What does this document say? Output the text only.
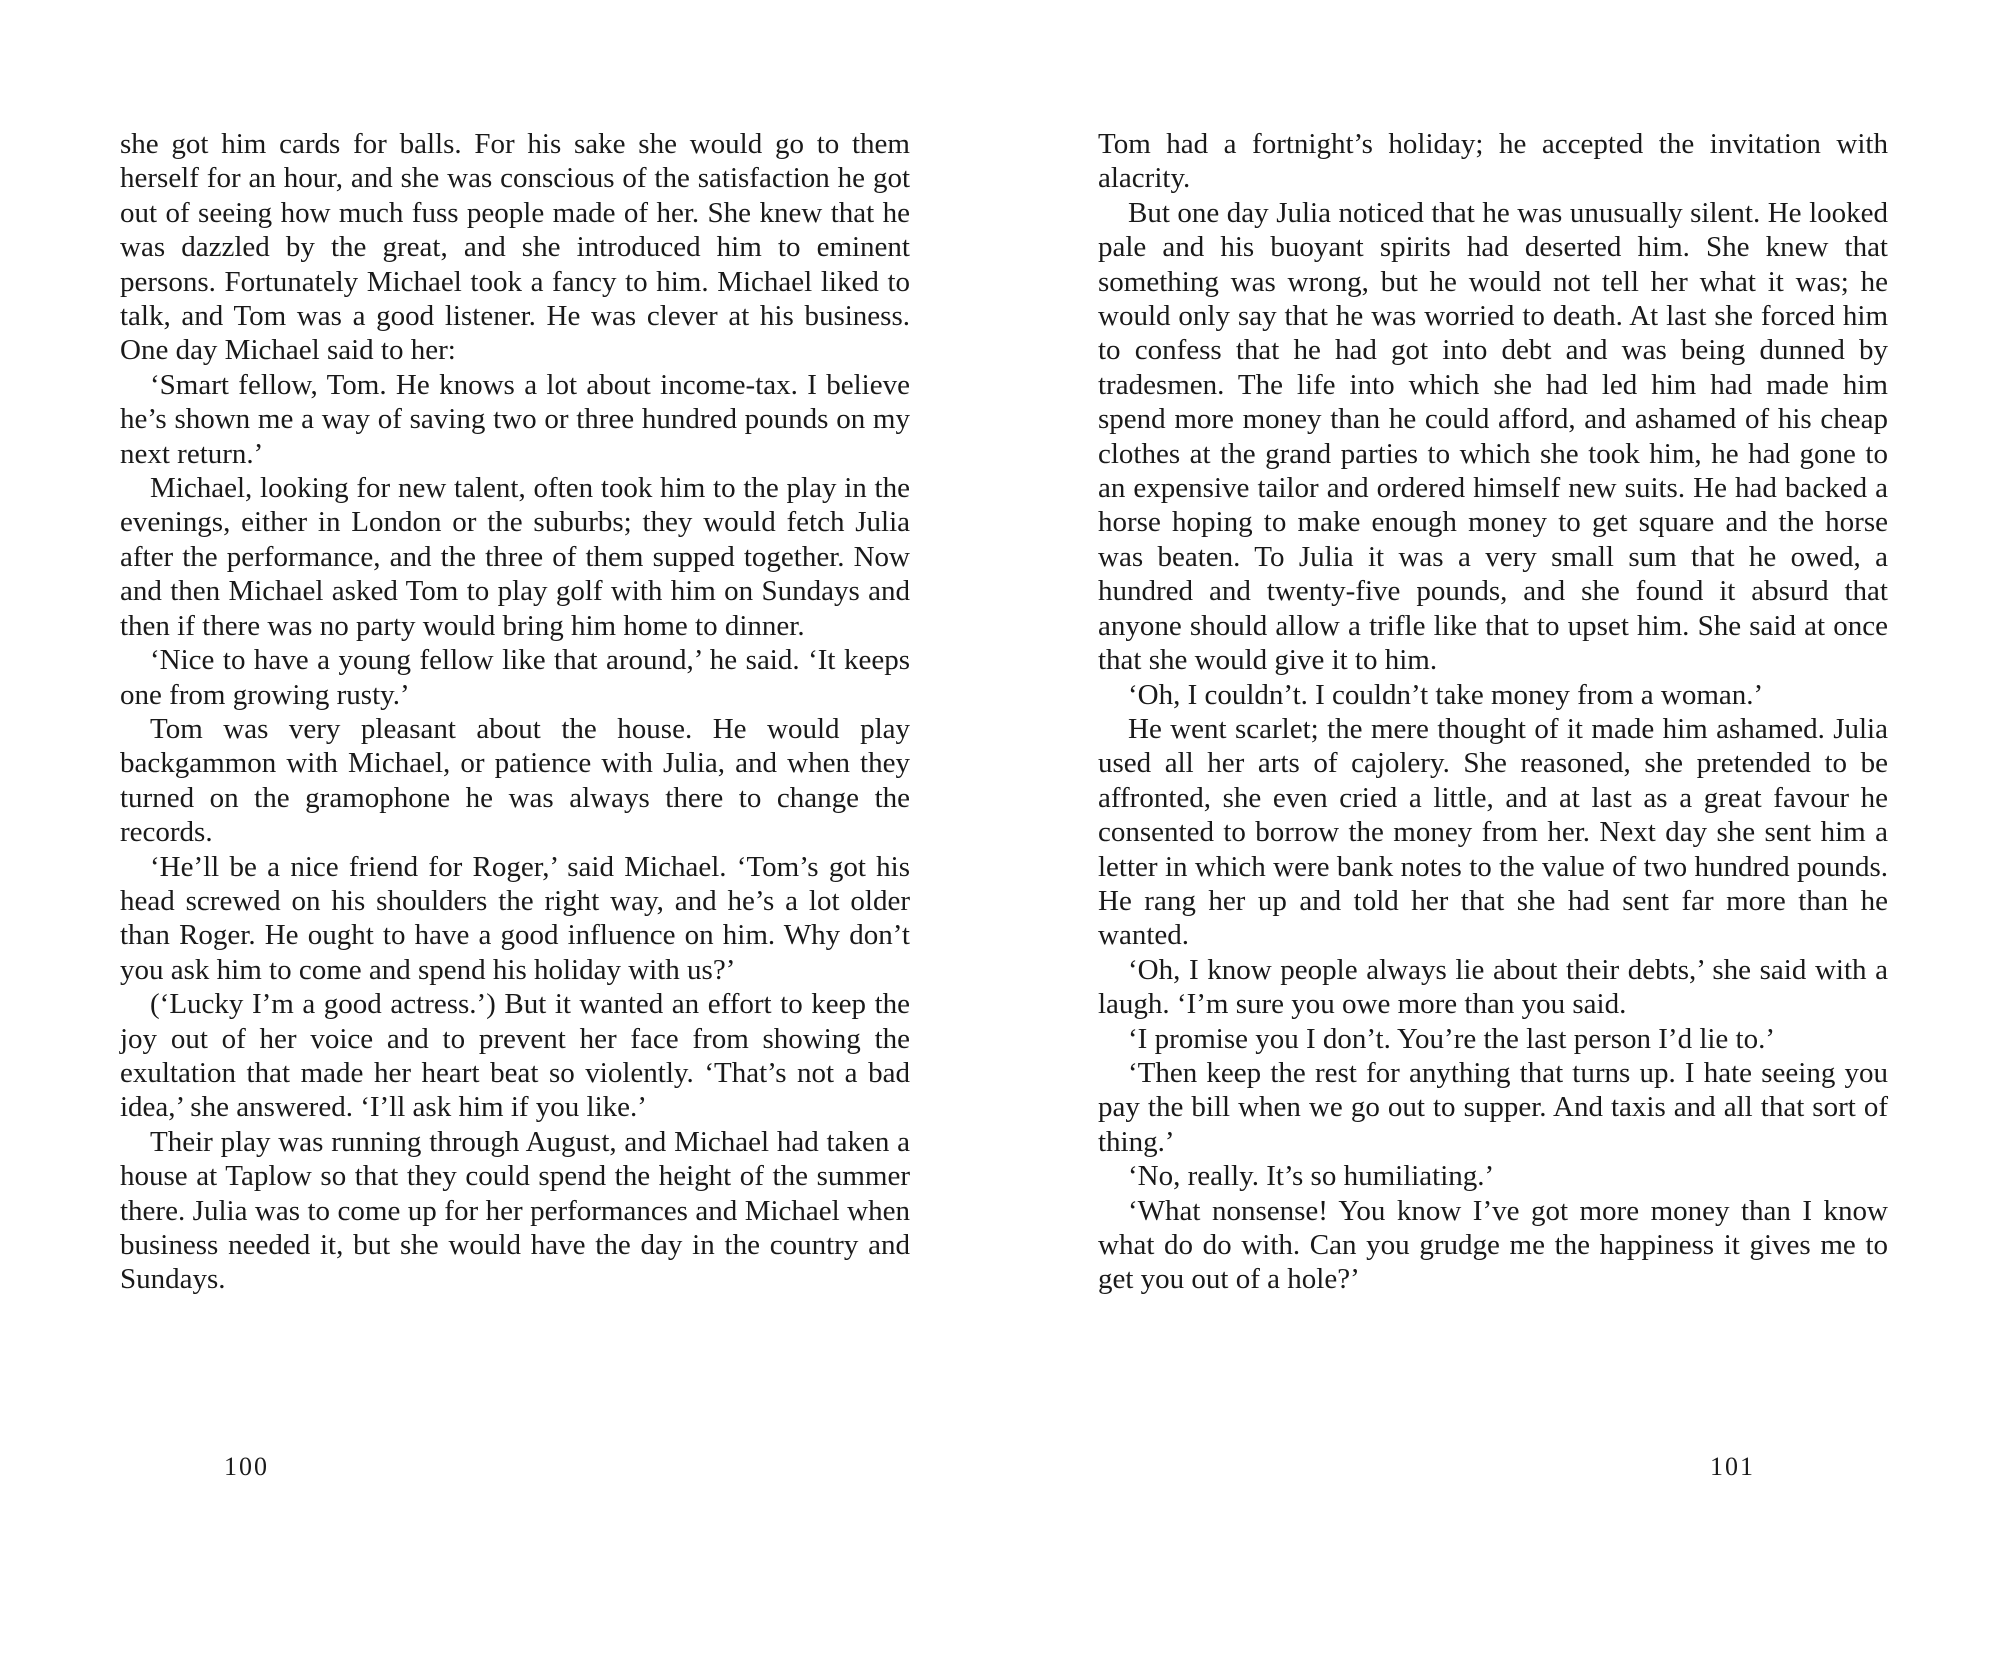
she got him cards for balls. For his sake she would go to them herself for an hour, and she was conscious of the satisfaction he got out of seeing how much fuss people made of her. She knew that he was dazzled by the great, and she introduced him to eminent persons. Fortunately Michael took a fancy to him. Michael liked to talk, and Tom was a good listener. He was clever at his business. One day Michael said to her:

‘Smart fellow, Tom. He knows a lot about income-tax. I believe he’s shown me a way of saving two or three hundred pounds on my next return.’

Michael, looking for new talent, often took him to the play in the evenings, either in London or the suburbs; they would fetch Julia after the performance, and the three of them supped together. Now and then Michael asked Tom to play golf with him on Sundays and then if there was no party would bring him home to dinner.

‘Nice to have a young fellow like that around,’ he said. ‘It keeps one from growing rusty.’

Tom was very pleasant about the house. He would play backgammon with Michael, or patience with Julia, and when they turned on the gramophone he was always there to change the records.

‘He’ll be a nice friend for Roger,’ said Michael. ‘Tom’s got his head screwed on his shoulders the right way, and he’s a lot older than Roger. He ought to have a good influence on him. Why don’t you ask him to come and spend his holiday with us?’

(‘Lucky I’m a good actress.’) But it wanted an effort to keep the joy out of her voice and to prevent her face from showing the exultation that made her heart beat so violently. ‘That’s not a bad idea,’ she answered. ‘I’ll ask him if you like.’

Their play was running through August, and Michael had taken a house at Taplow so that they could spend the height of the summer there. Julia was to come up for her performances and Michael when business needed it, but she would have the day in the country and Sundays.

100

Tom had a fortnight’s holiday; he accepted the invitation with alacrity.

But one day Julia noticed that he was unusually silent. He looked pale and his buoyant spirits had deserted him. She knew that something was wrong, but he would not tell her what it was; he would only say that he was worried to death. At last she forced him to confess that he had got into debt and was being dunned by tradesmen. The life into which she had led him had made him spend more money than he could afford, and ashamed of his cheap clothes at the grand parties to which she took him, he had gone to an expensive tailor and ordered himself new suits. He had backed a horse hoping to make enough money to get square and the horse was beaten. To Julia it was a very small sum that he owed, a hundred and twenty-five pounds, and she found it absurd that anyone should allow a trifle like that to upset him. She said at once that she would give it to him.

‘Oh, I couldn’t. I couldn’t take money from a woman.’

He went scarlet; the mere thought of it made him ashamed. Julia used all her arts of cajolery. She reasoned, she pretended to be affronted, she even cried a little, and at last as a great favour he consented to borrow the money from her. Next day she sent him a letter in which were bank notes to the value of two hundred pounds. He rang her up and told her that she had sent far more than he wanted.

‘Oh, I know people always lie about their debts,’ she said with a laugh. ‘I’m sure you owe more than you said.

‘I promise you I don’t. You’re the last person I’d lie to.’

‘Then keep the rest for anything that turns up. I hate seeing you pay the bill when we go out to supper. And taxis and all that sort of thing.’

‘No, really. It’s so humiliating.’

‘What nonsense! You know I’ve got more money than I know what do do with. Can you grudge me the happiness it gives me to get you out of a hole?’

101
